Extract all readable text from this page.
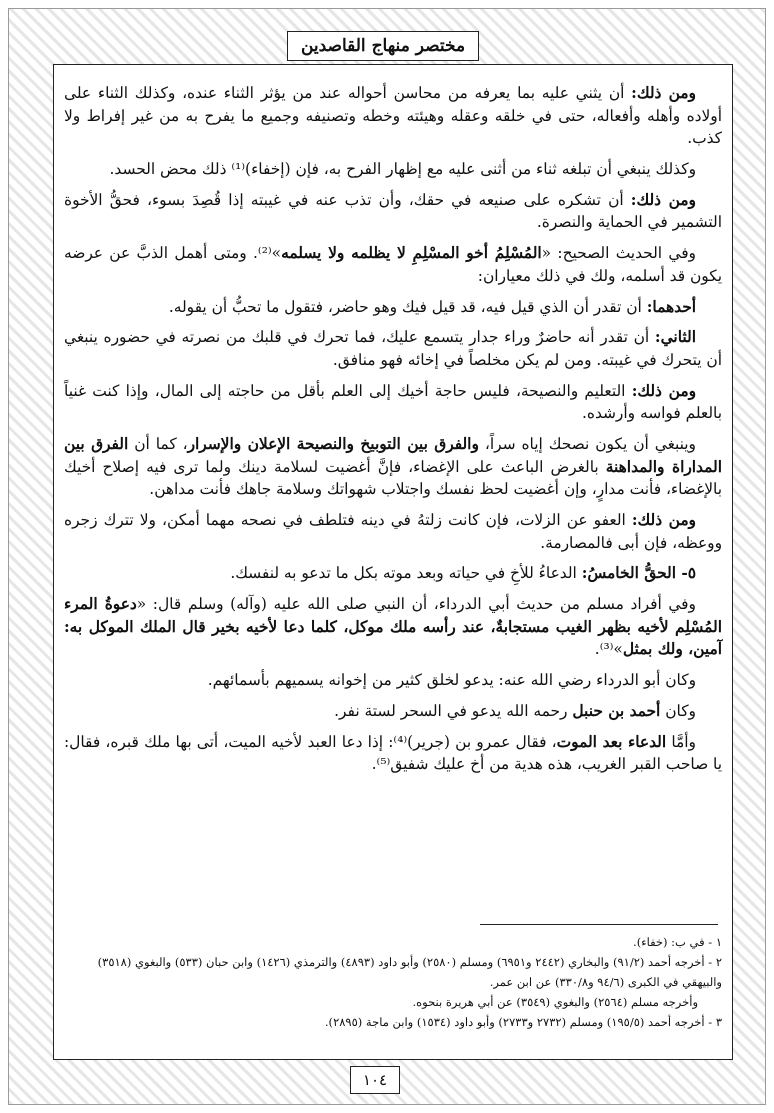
مختصر منهاج القاصدين

ومن ذلك: أن يثني عليه بما يعرفه من محاسن أحواله عند من يؤثر الثناء عنده، وكذلك الثناء على أولاده وأهله وأفعاله، حتى في خلقه وعقله وهيئته وخطه وتصنيفه وجميع ما يفرح به من غير إفراط ولا كذب.

وكذلك ينبغي أن تبلغه ثناء من أثنى عليه مع إظهار الفرح به، فإن (إخفاء)⁽¹⁾ ذلك محض الحسد.

ومن ذلك: أن تشكره على صنيعه في حقك، وأن تذب عنه في غيبته إذا قُصِدَ بسوء، فحقُّ الأخوة التشمير في الحماية والنصرة.

وفي الحديث الصحيح: «المُسْلِمُ أخو المسْلِمِ لا يظلمه ولا يسلمه»⁽²⁾. ومتى أهمل الذبَّ عن عرضه يكون قد أسلمه، ولك في ذلك معياران:

أحدهما: أن تقدر أن الذي قيل فيه، قد قيل فيك وهو حاضر، فتقول ما تحبُّ أن يقوله.

الثاني: أن تقدر أنه حاضرٌ وراء جدار يتسمع عليك، فما تحرك في قلبك من نصرته في حضوره ينبغي أن يتحرك في غيبته. ومن لم يكن مخلصاً في إخائه فهو منافق.

ومن ذلك: التعليم والنصيحة، فليس حاجة أخيك إلى العلم بأقل من حاجته إلى المال، وإذا كنت غنياً بالعلم فواسه وأرشده.

وينبغي أن يكون نصحك إياه سراً، والفرق بين التوبيخ والنصيحة الإعلان والإسرار، كما أن الفرق بين المداراة والمداهنة بالغرض الباعث على الإغضاء، فإنَّ أغضيت لسلامة دينك ولما ترى فيه إصلاح أخيك بالإغضاء، فأنت مدارٍ، وإن أغضيت لحظ نفسك واجتلاب شهواتك وسلامة جاهك فأنت مداهن.

ومن ذلك: العفو عن الزلات، فإن كانت زلتهُ في دينه فتلطف في نصحه مهما أمكن، ولا تترك زجره ووعظه، فإن أبى فالمصارمة.

٥- الحقُّ الخامسُ: الدعاءُ للأخِ في حياته وبعد موته بكل ما تدعو به لنفسك.

وفي أفراد مسلم من حديث أبي الدرداء، أن النبي صلى الله عليه (وآله) وسلم قال: «دعوةُ المرء المُسْلِم لأخيه بظهر الغيب مستجابةٌ، عند رأسه ملك موكل، كلما دعا لأخيه بخير قال الملك الموكل به: آمين، ولك بمثل»⁽³⁾.

وكان أبو الدرداء رضي الله عنه: يدعو لخلق كثير من إخوانه يسميهم بأسمائهم.

وكان أحمد بن حنبل رحمه الله يدعو في السحر لستة نفر.

وأمَّا الدعاء بعد الموت، فقال عمرو بن (جرير)⁽⁴⁾: إذا دعا العبد لأخيه الميت، أتى بها ملك قبره، فقال: يا صاحب القبر الغريب، هذه هدية من أخ عليك شفيق⁽⁵⁾.

١ - في ب: (خفاء).

٢ - أخرجه أحمد (٩١/٢) والبخاري (٢٤٤٢ و٦٩٥١) ومسلم (٢٥٨٠) وأبو داود (٤٨٩٣) والترمذي (١٤٢٦) وابن حبان (٥٣٣) والبغوي (٣٥١٨) والبيهقي في الكبرى (٩٤/٦ و٣٣٠/٨) عن ابن عمر.

وأخرجه مسلم (٢٥٦٤) والبغوي (٣٥٤٩) عن أبي هريرة بنحوه.

٣ - أخرجه أحمد (١٩٥/٥) ومسلم (٢٧٣٢ و٢٧٣٣) وأبو داود (١٥٣٤) وابن ماجة (٢٨٩٥).

١٠٤
